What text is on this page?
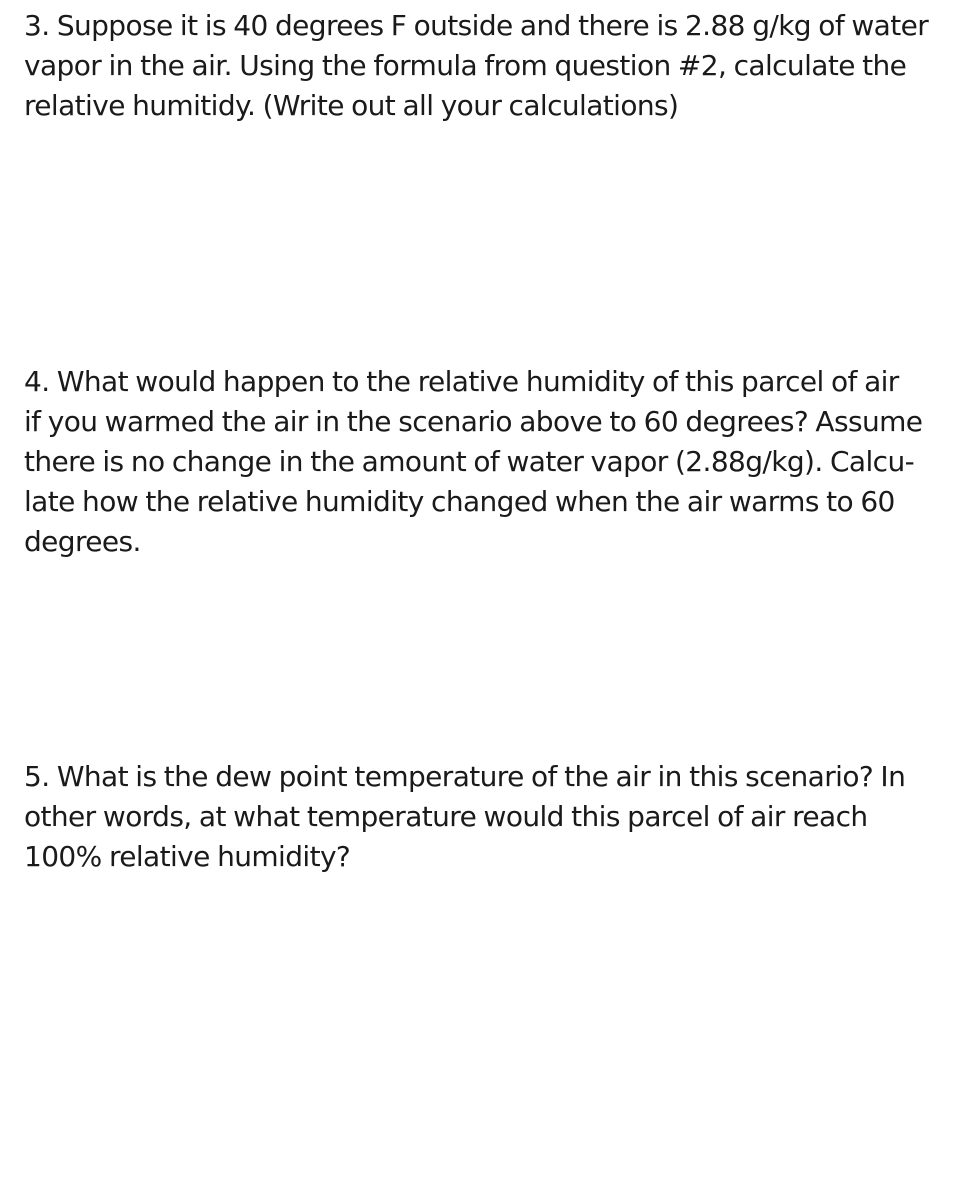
3. Suppose it is 40 degrees F outside and there is 2.88 g/kg of water
vapor in the air. Using the formula from question #2, calculate the
relative humitidy. (Write out all your calculations)
4. What would happen to the relative humidity of this parcel of air
if you warmed the air in the scenario above to 60 degrees? Assume
there is no change in the amount of water vapor (2.88g/kg). Calcu-
late how the relative humidity changed when the air warms to 60
degrees.
5. What is the dew point temperature of the air in this scenario? In
other words, at what temperature would this parcel of air reach
100% relative humidity?
